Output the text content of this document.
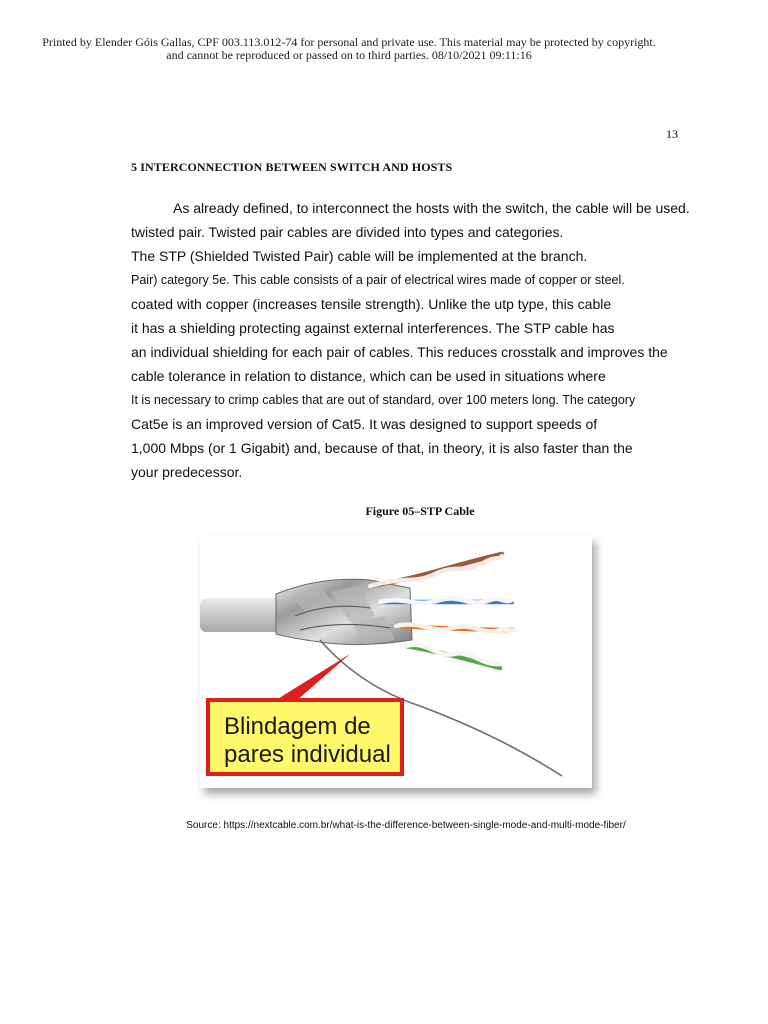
Printed by Elender Góis Gallas, CPF 003.113.012-74 for personal and private use. This material may be protected by copyright.
and cannot be reproduced or passed on to third parties. 08/10/2021 09:11:16
13
5 INTERCONNECTION BETWEEN SWITCH AND HOSTS
As already defined, to interconnect the hosts with the switch, the cable will be used.
twisted pair. Twisted pair cables are divided into types and categories.
The STP (Shielded Twisted Pair) cable will be implemented at the branch.
Pair) category 5e. This cable consists of a pair of electrical wires made of copper or steel.
coated with copper (increases tensile strength). Unlike the utp type, this cable
it has a shielding protecting against external interferences. The STP cable has
an individual shielding for each pair of cables. This reduces crosstalk and improves the
cable tolerance in relation to distance, which can be used in situations where
It is necessary to crimp cables that are out of standard, over 100 meters long. The category
Cat5e is an improved version of Cat5. It was designed to support speeds of
1,000 Mbps (or 1 Gigabit) and, because of that, in theory, it is also faster than the
your predecessor.
Figure 05–STP Cable
Blindagem de
pares individual
Source: https://nextcable.com.br/what-is-the-difference-between-single-mode-and-multi-mode-fiber/
